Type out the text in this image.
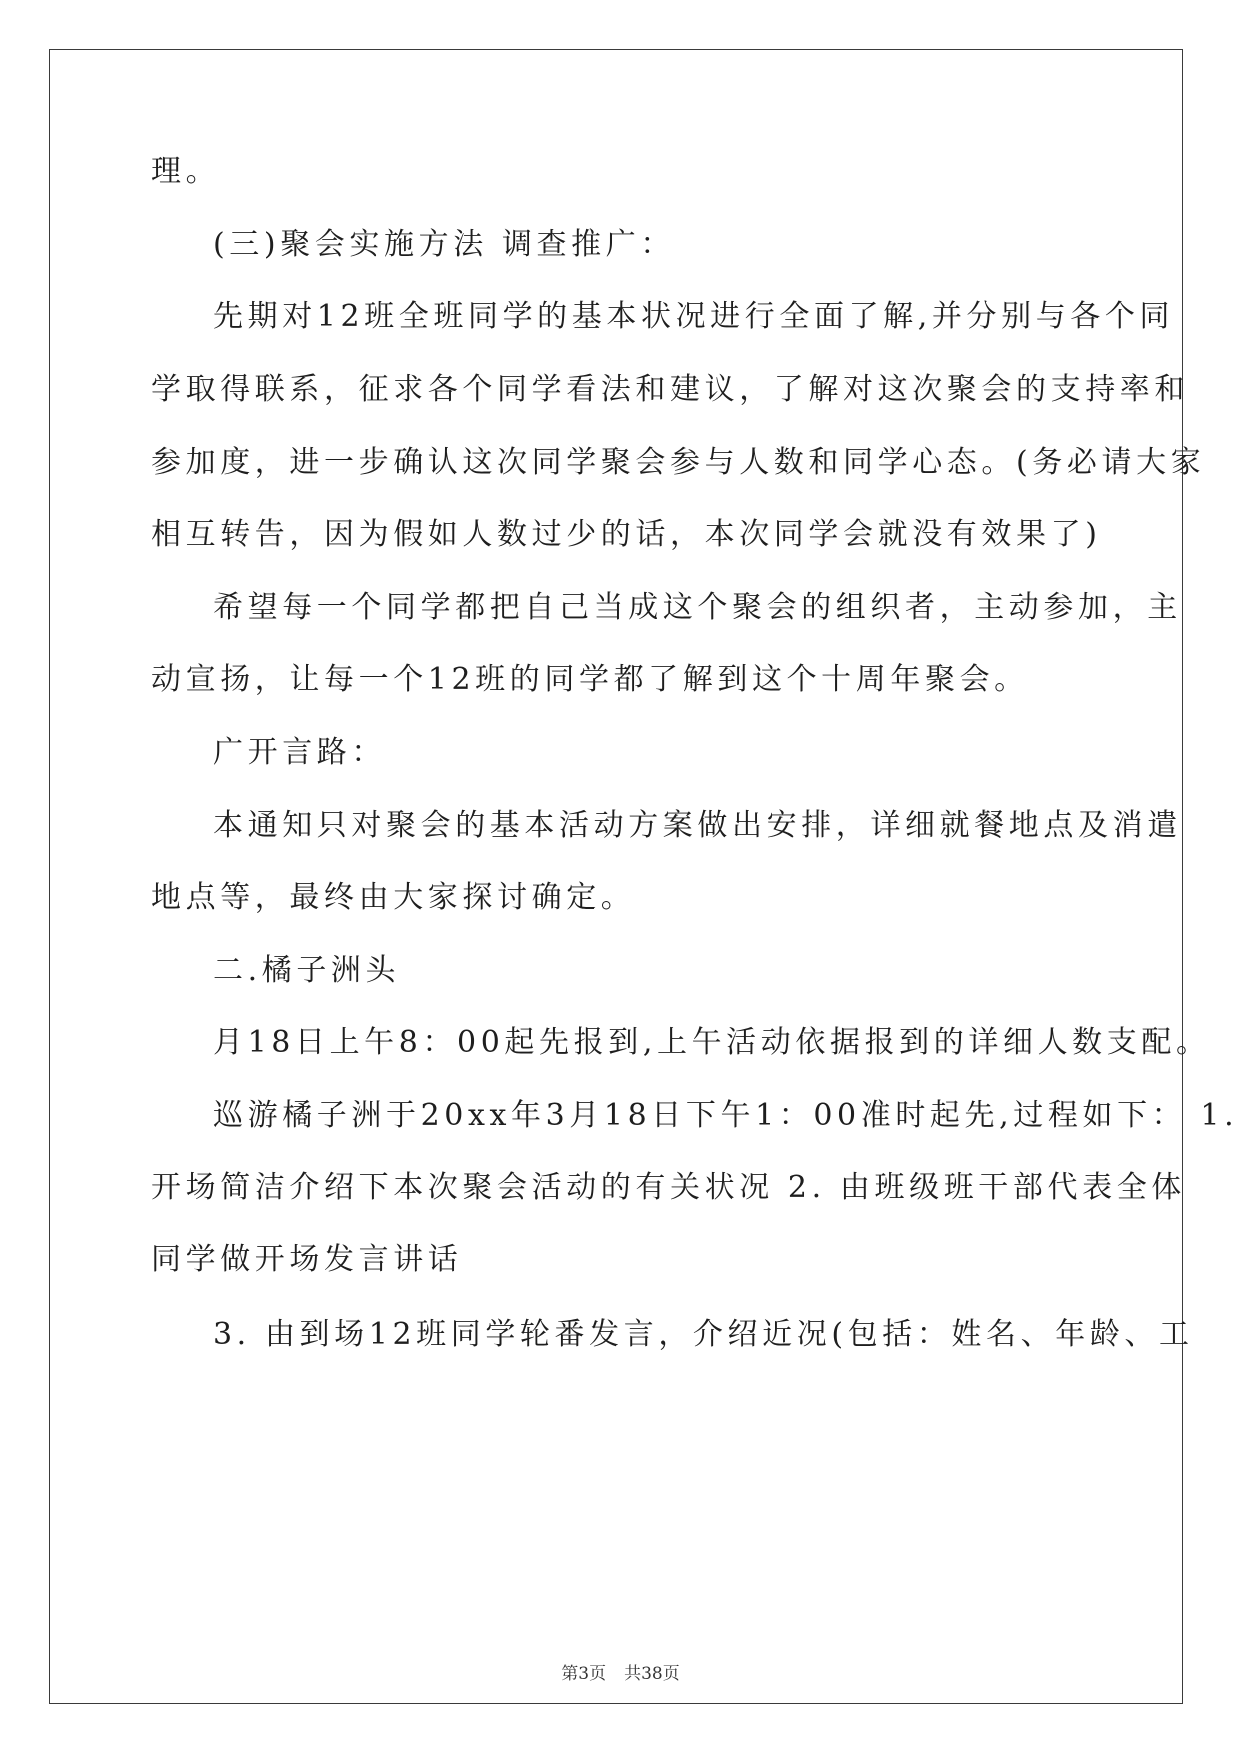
理。
(三)聚会实施方法 调查推广：
先期对12班全班同学的基本状况进行全面了解,并分别与各个同
学取得联系，征求各个同学看法和建议，了解对这次聚会的支持率和
参加度，进一步确认这次同学聚会参与人数和同学心态。(务必请大家
相互转告，因为假如人数过少的话，本次同学会就没有效果了)
希望每一个同学都把自己当成这个聚会的组织者，主动参加，主
动宣扬，让每一个12班的同学都了解到这个十周年聚会。
广开言路：
本通知只对聚会的基本活动方案做出安排，详细就餐地点及消遣
地点等，最终由大家探讨确定。
二.橘子洲头
月18日上午8：00起先报到,上午活动依据报到的详细人数支配。
巡游橘子洲于20xx年3月18日下午1：00准时起先,过程如下： 1.
开场简洁介绍下本次聚会活动的有关状况 2. 由班级班干部代表全体
同学做开场发言讲话
3. 由到场12班同学轮番发言，介绍近况(包括：姓名、年龄、工
第3页 共38页
